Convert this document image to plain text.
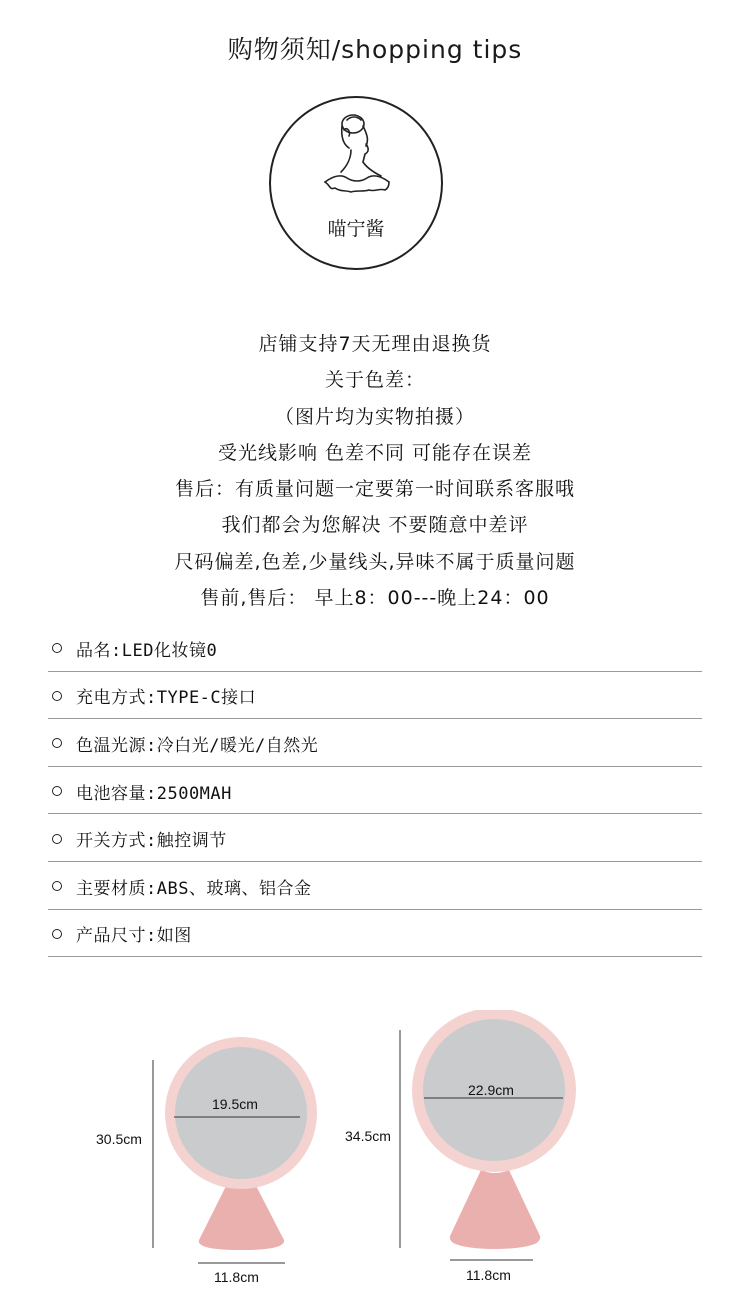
购物须知/shopping tips
喵宁酱
店铺支持7天无理由退换货
关于色差：
（图片均为实物拍摄）
受光线影响 色差不同 可能存在误差
售后：有质量问题一定要第一时间联系客服哦
我们都会为您解决 不要随意中差评
尺码偏差,色差,少量线头,异味不属于质量问题
售前,售后： 早上8：00---晚上24：00
品名:LED化妆镜0
充电方式:TYPE-C接口
色温光源:冷白光/暖光/自然光
电池容量:2500MAH
开关方式:触控调节
主要材质:ABS、玻璃、铝合金
产品尺寸:如图
30.5cm
19.5cm
11.8cm
34.5cm
22.9cm
11.8cm
